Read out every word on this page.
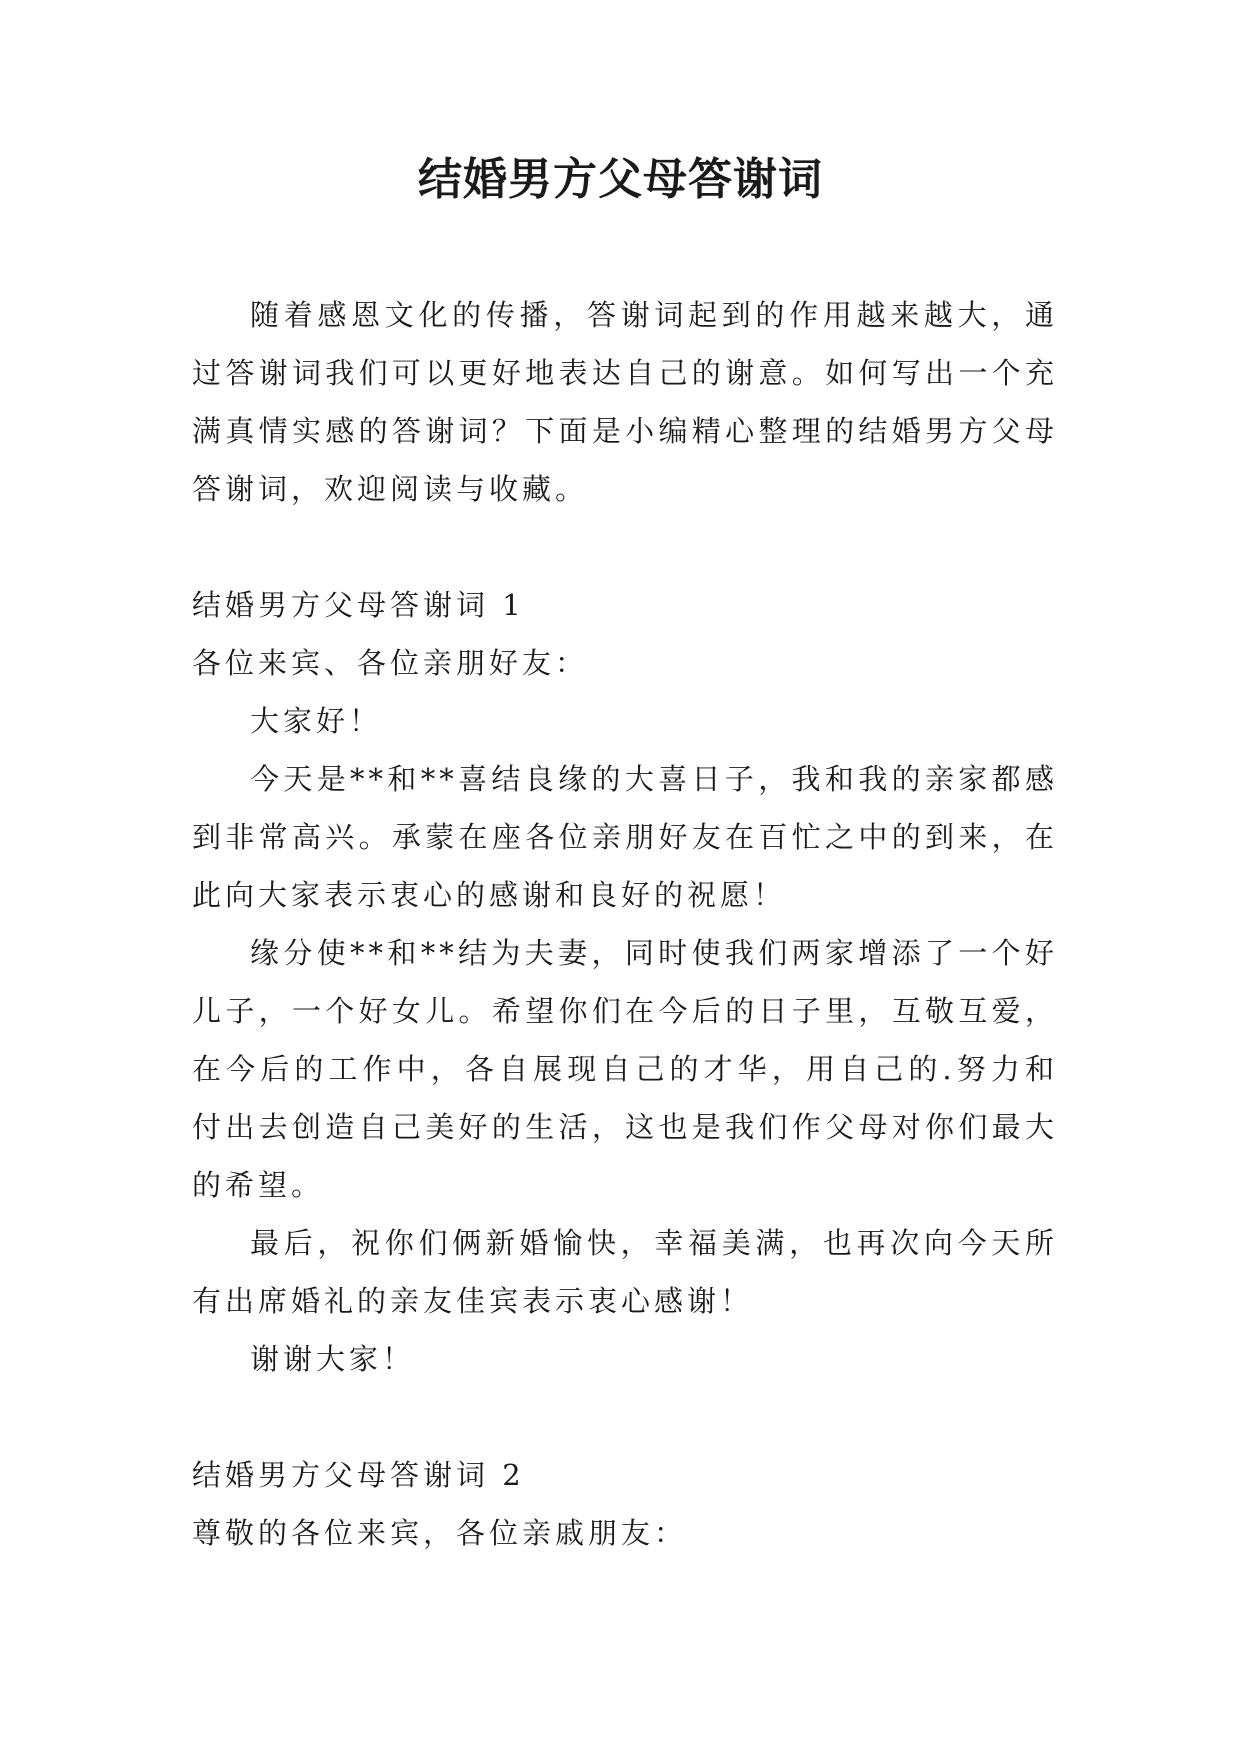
结婚男方父母答谢词

随着感恩文化的传播，答谢词起到的作用越来越大，通过答谢词我们可以更好地表达自己的谢意。如何写出一个充满真情实感的答谢词？下面是小编精心整理的结婚男方父母答谢词，欢迎阅读与收藏。

结婚男方父母答谢词 1

各位来宾、各位亲朋好友：

大家好！

今天是**和**喜结良缘的大喜日子，我和我的亲家都感到非常高兴。承蒙在座各位亲朋好友在百忙之中的到来，在此向大家表示衷心的感谢和良好的祝愿！

缘分使**和**结为夫妻，同时使我们两家增添了一个好儿子，一个好女儿。希望你们在今后的日子里，互敬互爱，在今后的工作中，各自展现自己的才华，用自己的.努力和付出去创造自己美好的生活，这也是我们作父母对你们最大的希望。

最后，祝你们俩新婚愉快，幸福美满，也再次向今天所有出席婚礼的亲友佳宾表示衷心感谢！

谢谢大家！

结婚男方父母答谢词 2

尊敬的各位来宾，各位亲戚朋友：
